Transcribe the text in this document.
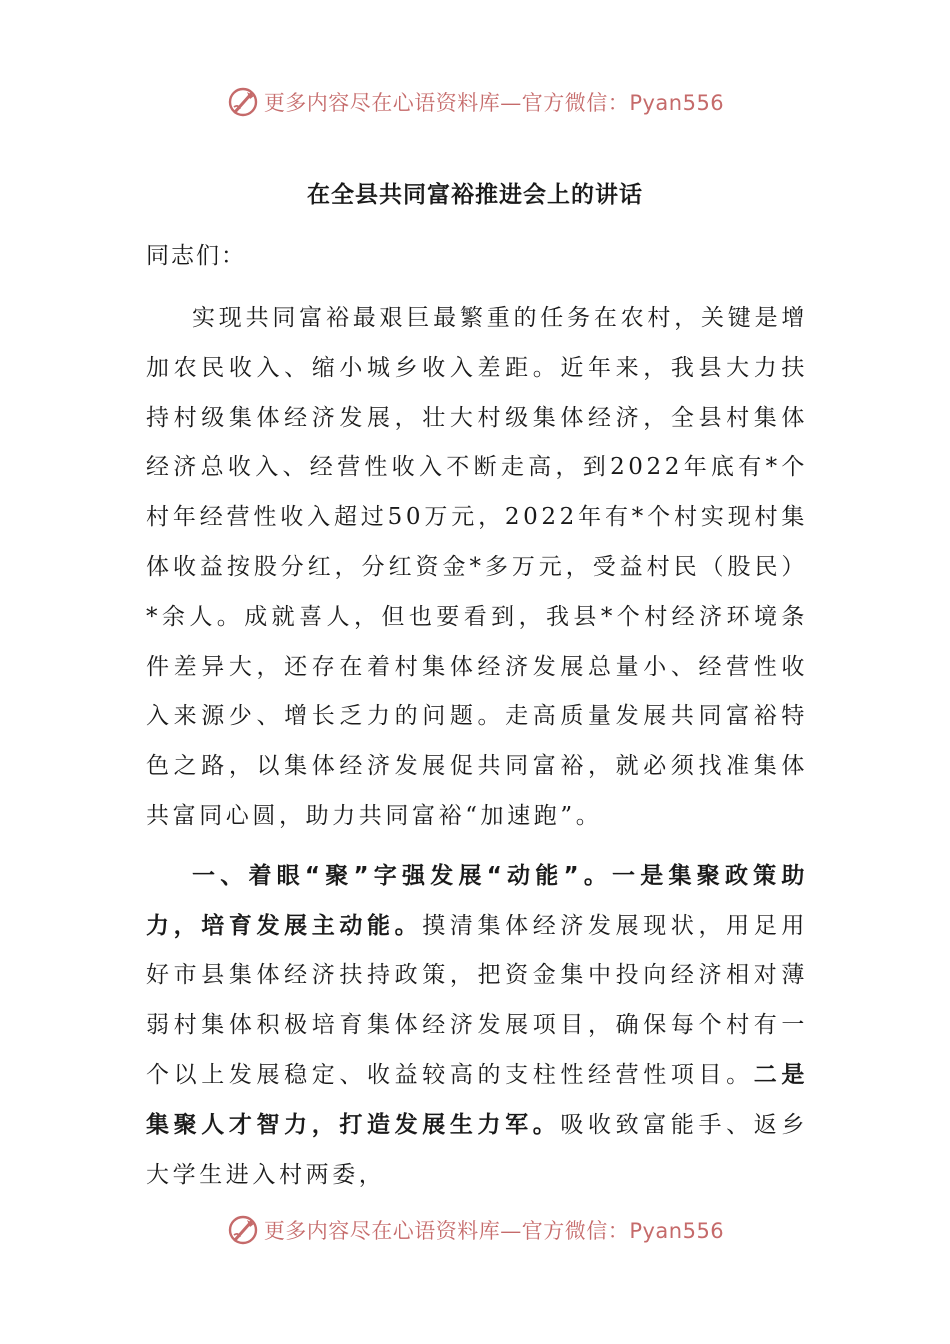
更多内容尽在心语资料库—官方微信：Pyan556
在全县共同富裕推进会上的讲话

同志们：

实现共同富裕最艰巨最繁重的任务在农村，关键是增加农民收入、缩小城乡收入差距。近年来，我县大力扶持村级集体经济发展，壮大村级集体经济，全县村集体经济总收入、经营性收入不断走高，到2022年底有*个村年经营性收入超过50万元，2022年有*个村实现村集体收益按股分红，分红资金*多万元，受益村民（股民）*余人。成就喜人，但也要看到，我县*个村经济环境条件差异大，还存在着村集体经济发展总量小、经营性收入来源少、增长乏力的问题。走高质量发展共同富裕特色之路，以集体经济发展促共同富裕，就必须找准集体共富同心圆，助力共同富裕“加速跑”。

一、着眼“聚”字强发展“动能”。一是集聚政策助力，培育发展主动能。摸清集体经济发展现状，用足用好市县集体经济扶持政策，把资金集中投向经济相对薄弱村集体积极培育集体经济发展项目，确保每个村有一个以上发展稳定、收益较高的支柱性经营性项目。二是集聚人才智力，打造发展生力军。吸收致富能手、返乡大学生进入村两委，

更多内容尽在心语资料库—官方微信：Pyan556
